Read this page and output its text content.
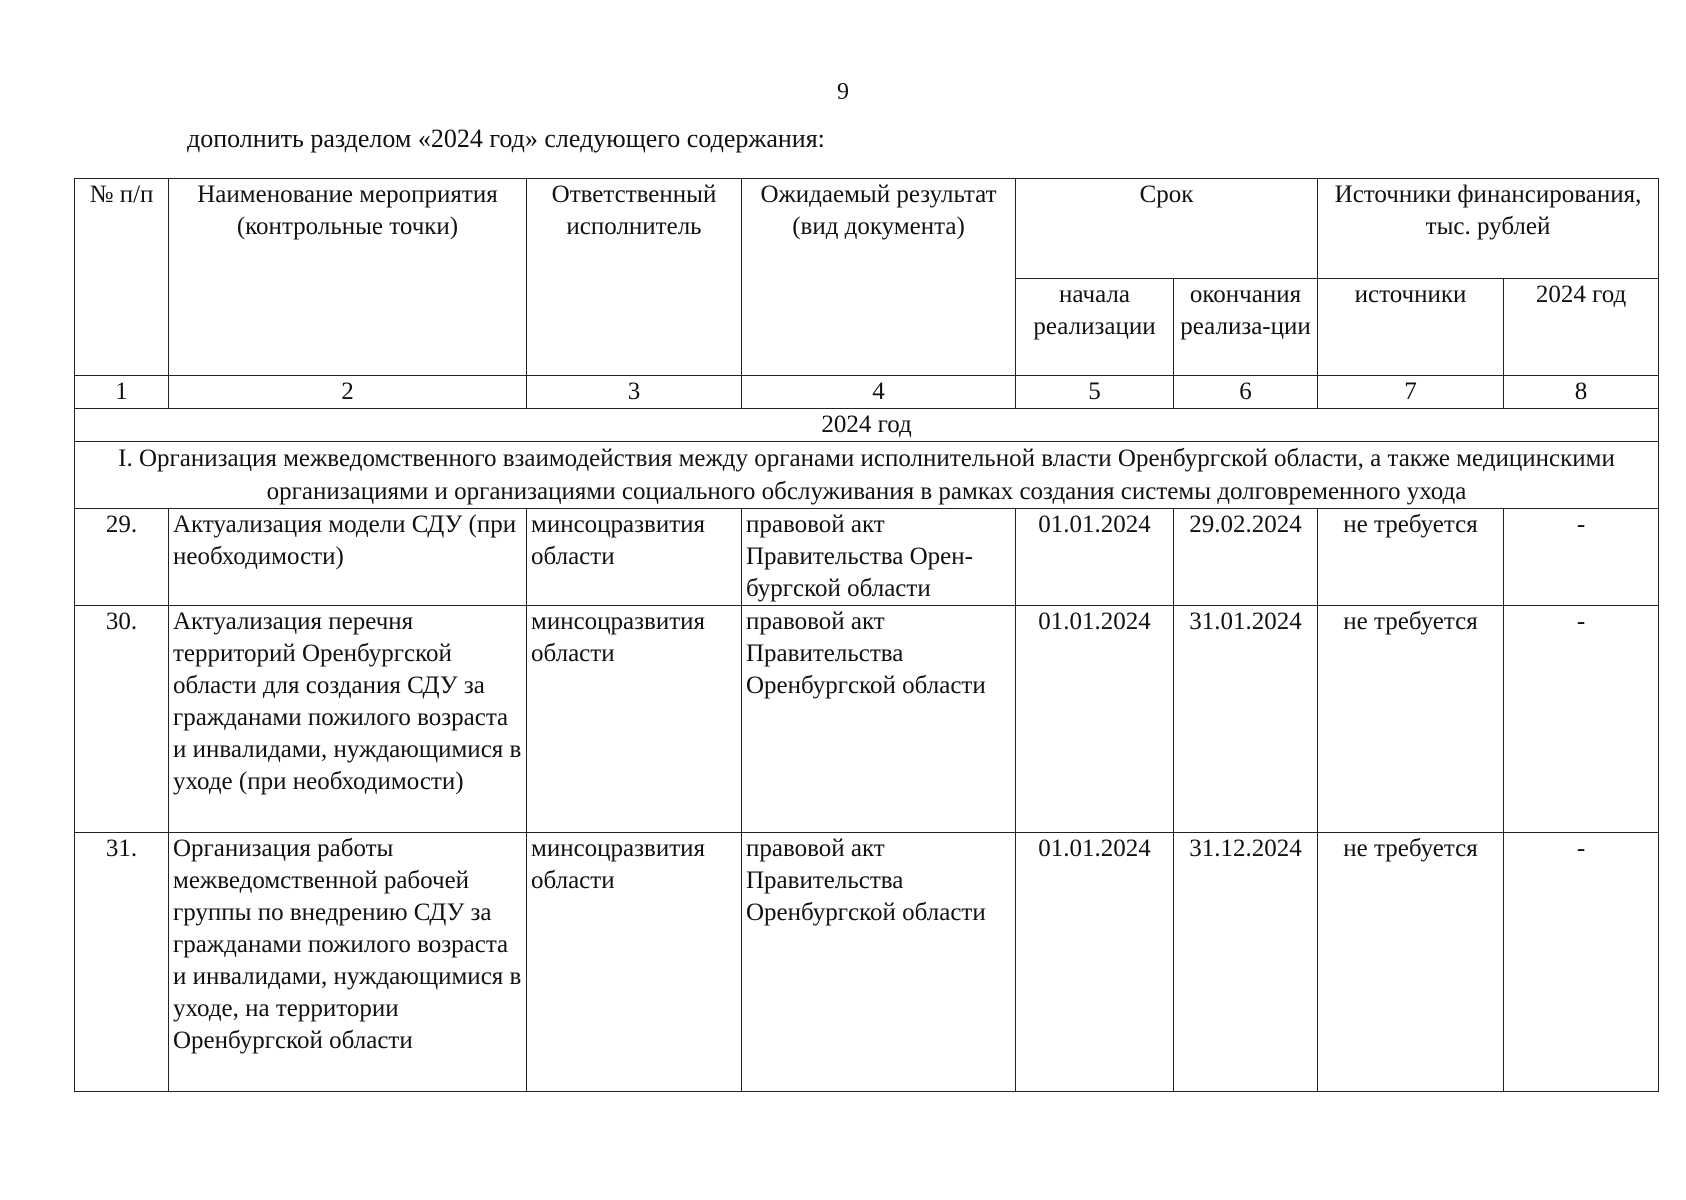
9
дополнить разделом «2024 год» следующего содержания:
№ п/п	Наименование мероприятия (контрольные точки)	Ответственный исполнитель	Ожидаемый результат (вид документа)	Срок		Источники финансирования, тыс. рублей	
				начала реализации	окончания реализа-ции	источники	2024 год
1	2	3	4	5	6	7	8
2024 год							
I. Организация межведомственного взаимодействия между органами исполнительной власти Оренбургской области, а также медицинскими организациями и организациями социального обслуживания в рамках создания системы долговременного ухода							
29.	Актуализация модели СДУ (при необходимости)	минсоцразвития области	правовой акт Правительства Орен-бургской области	01.01.2024	29.02.2024	не требуется	-
30.	Актуализация перечня территорий Оренбургской области для создания СДУ за гражданами пожилого возраста и инвалидами, нуждающимися в уходе (при необходимости)	минсоцразвития области	правовой акт Правительства Оренбургской области	01.01.2024	31.01.2024	не требуется	-
31.	Организация работы межведомственной рабочей группы по внедрению СДУ за гражданами пожилого возраста и инвалидами, нуждающимися в уходе, на территории Оренбургской области	минсоцразвития области	правовой акт Правительства Оренбургской области	01.01.2024	31.12.2024	не требуется	-
